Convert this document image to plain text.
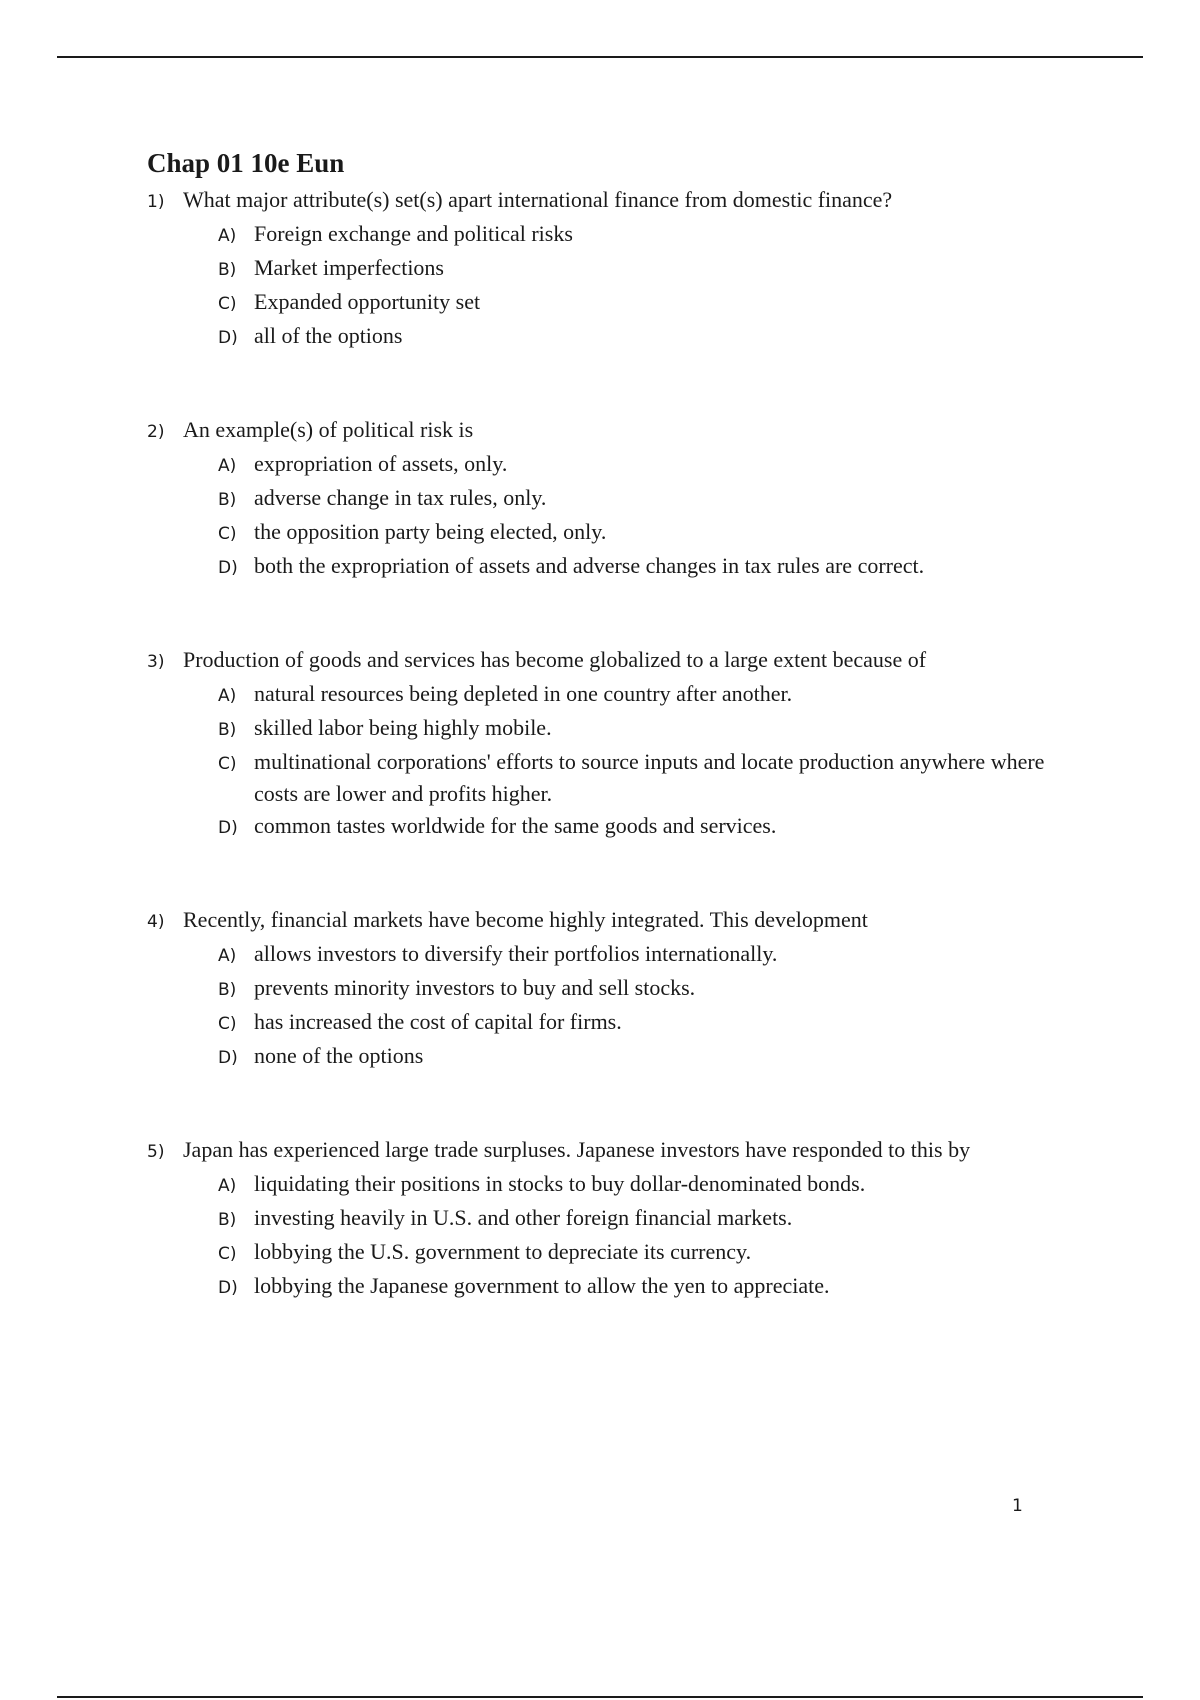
Chap 01 10e Eun
1) What major attribute(s) set(s) apart international finance from domestic finance?
A) Foreign exchange and political risks
B) Market imperfections
C) Expanded opportunity set
D) all of the options
2) An example(s) of political risk is
A) expropriation of assets, only.
B) adverse change in tax rules, only.
C) the opposition party being elected, only.
D) both the expropriation of assets and adverse changes in tax rules are correct.
3) Production of goods and services has become globalized to a large extent because of
A) natural resources being depleted in one country after another.
B) skilled labor being highly mobile.
C) multinational corporations' efforts to source inputs and locate production anywhere where costs are lower and profits higher.
D) common tastes worldwide for the same goods and services.
4) Recently, financial markets have become highly integrated. This development
A) allows investors to diversify their portfolios internationally.
B) prevents minority investors to buy and sell stocks.
C) has increased the cost of capital for firms.
D) none of the options
5) Japan has experienced large trade surpluses. Japanese investors have responded to this by
A) liquidating their positions in stocks to buy dollar-denominated bonds.
B) investing heavily in U.S. and other foreign financial markets.
C) lobbying the U.S. government to depreciate its currency.
D) lobbying the Japanese government to allow the yen to appreciate.
1
